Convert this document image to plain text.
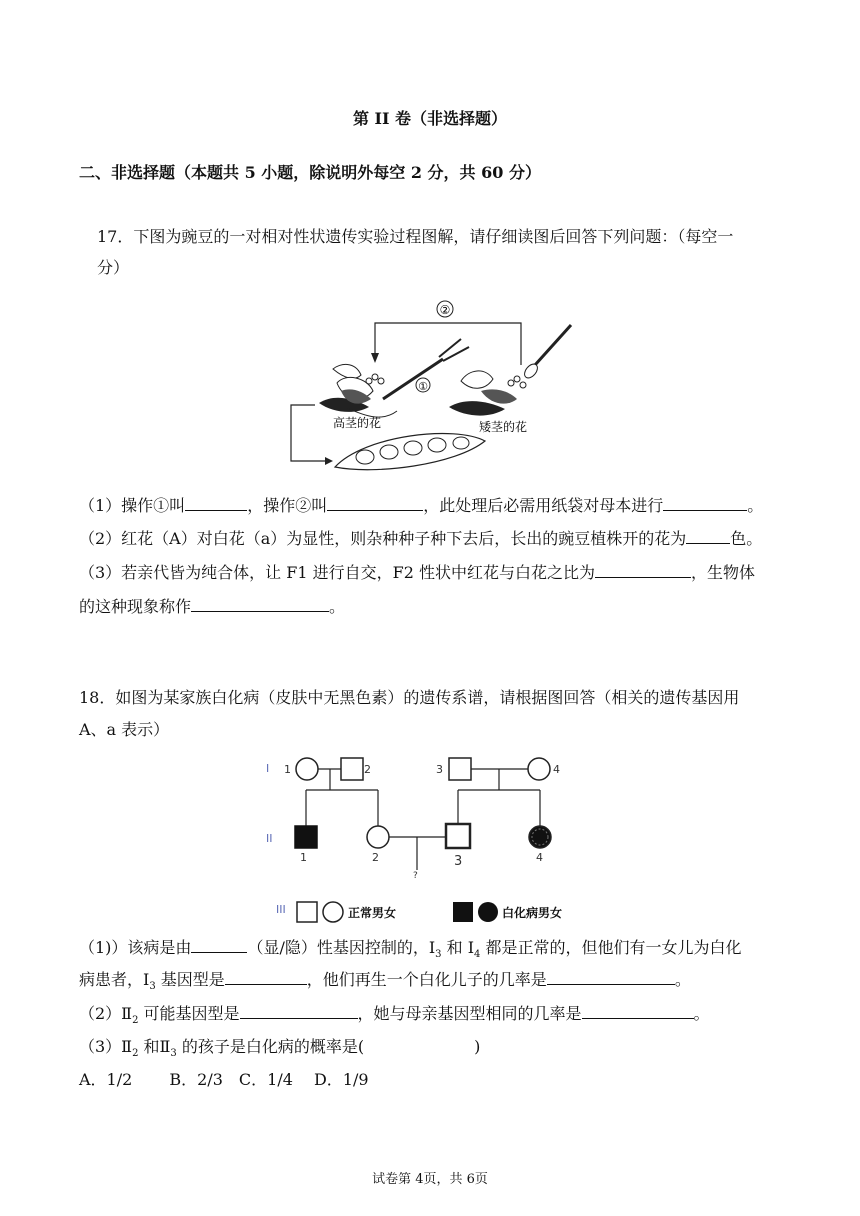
第 II 卷（非选择题）
二、非选择题（本题共 5 小题，除说明外每空 2 分，共 60 分）
17．下图为豌豆的一对相对性状遗传实验过程图解，请仔细读图后回答下列问题：（每空一
分）
②
①
高茎的花	矮茎的花
（1）操作①叫	，操作②叫	，此处理后必需用纸袋对母本进行	。
（2）红花（A）对白花（a）为显性，则杂种种子种下去后，长出的豌豆植株开的花为	色。
（3）若亲代皆为纯合体，让 F1 进行自交，F2 性状中红花与白花之比为	，生物体
的这种现象称作	。
18．如图为某家族白化病（皮肤中无黑色素）的遗传系谱，请根据图回答（相关的遗传基因用
A、a 表示）
I
II
III
1	2	3	4
1	2	3	4
?
正常男女	白化病男女
（1)）该病是由	（显/隐）性基因控制的，$I_3$ 和 $I_4$ 都是正常的，但他们有一女儿为白化
病患者，$I_3$ 基因型是	，他们再生一个白化儿子的几率是	。
$(2)Ⅱ_2$ 可能基因型是	，她与母亲基因型相同的几率是	。
$(3)Ⅱ_2$ 和$Ⅱ_3$ 的孩子是白化病的概率是(	)
A．1/2　　 B．2/3　C．1/4　 D．1/9
试卷第 4页，共 6页
